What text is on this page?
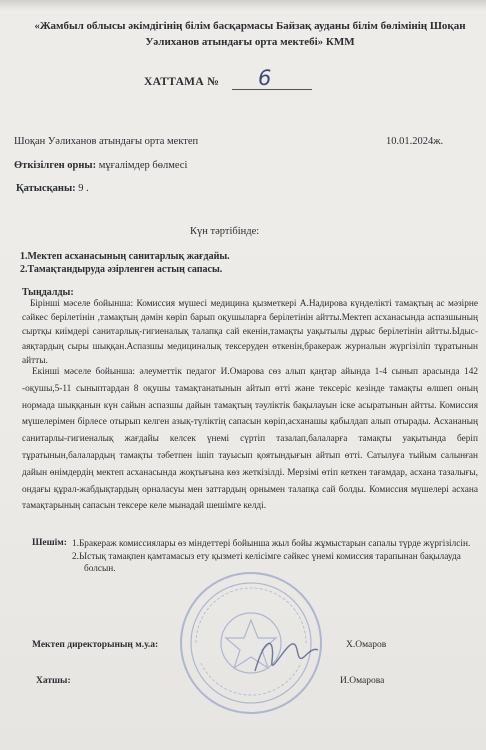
«Жамбыл облысы әкімдігінің білім басқармасы Байзақ ауданы білім бөлімінің Шоқан Уәлиханов атындағы орта мектебі» КММ
ХАТТАМА № 6
Шоқан Уәлиханов атындағы орта мектеп	10.01.2024ж.
Өткізілген орны: мұғалімдер бөлмесі
Қатысқаны: 9 .
Күн тәртібінде:
1.Мектеп асханасының санитарлық жағдайы.
2.Тамақтандыруда әзірленген астың сапасы.
Тыңдалды:
Бірінші мәселе бойынша: Комиссия мүшесі медицина қызметкері А.Надирова күнделікті тамақтың ас мәзірне сәйкес берілетінін ,тамақтың дәмін көріп барып оқушыларға берілетінін айтты.Мектеп асханасында аспазшының сыртқы киімдері санитарлық-гигиеналық талапқа сай екенін,тамақты уақытылы дұрыс берілетінін айтты.Ыдыс-аяқтардың сыры шыққан.Аспазшы медициналық тексеруден өткенін,бракераж журналын жүргізіліп тұратынын айтты.
Екінші мәселе бойынша: әлеуметтік педагог И.Омарова сөз алып қаңтар айында 1-4 сынып арасында 142 -оқушы,5-11 сыныптардан 8 оқушы тамақтанатынын айтып өтті және тексеріс кезінде тамақты өлшеп оның нормада шыққанын күн сайын аспазшы дайын тамақтың тәуліктік бақылауын іске асыратынын айтты. Комиссия мүшелерімен бірлесе отырып келген азық-түліктің сапасын көріп,асханашы қабылдап алып отырады. Асхананың санитарлы-гигиеналық жағдайы келсек үнемі сүртіп тазалап,балаларға тамақты уақытында беріп тұратынын,балалардың тамақты тәбетпен ішіп тауысып қоятындығын айтып өтті. Сатылуға тыйым салынған дайын өнімдердің мектеп асханасында жоқтығына көз жеткізілді. Мерзімі өтіп кеткен тағамдар, асхана тазалығы, ондағы құрал-жабдықтардың орналасуы мен заттардың орнымен талапқа сай болды. Комиссия мүшелері асхана тамақтарының сапасын тексере келе мынадай шешімге келді.
Шешім: 1.Бракераж комиссиялары өз міндеттері бойынша жыл бойы жұмыстарын сапалы түрде жүргізілсін.
2.Ыстық тамақпен қамтамасыз ету қызметі келісімге сәйкес үнемі комиссия тарапынан бақылауда болсын.
Мектеп директорының м.у.а:	Х.Омаров
Хатшы:	И.Омарова
